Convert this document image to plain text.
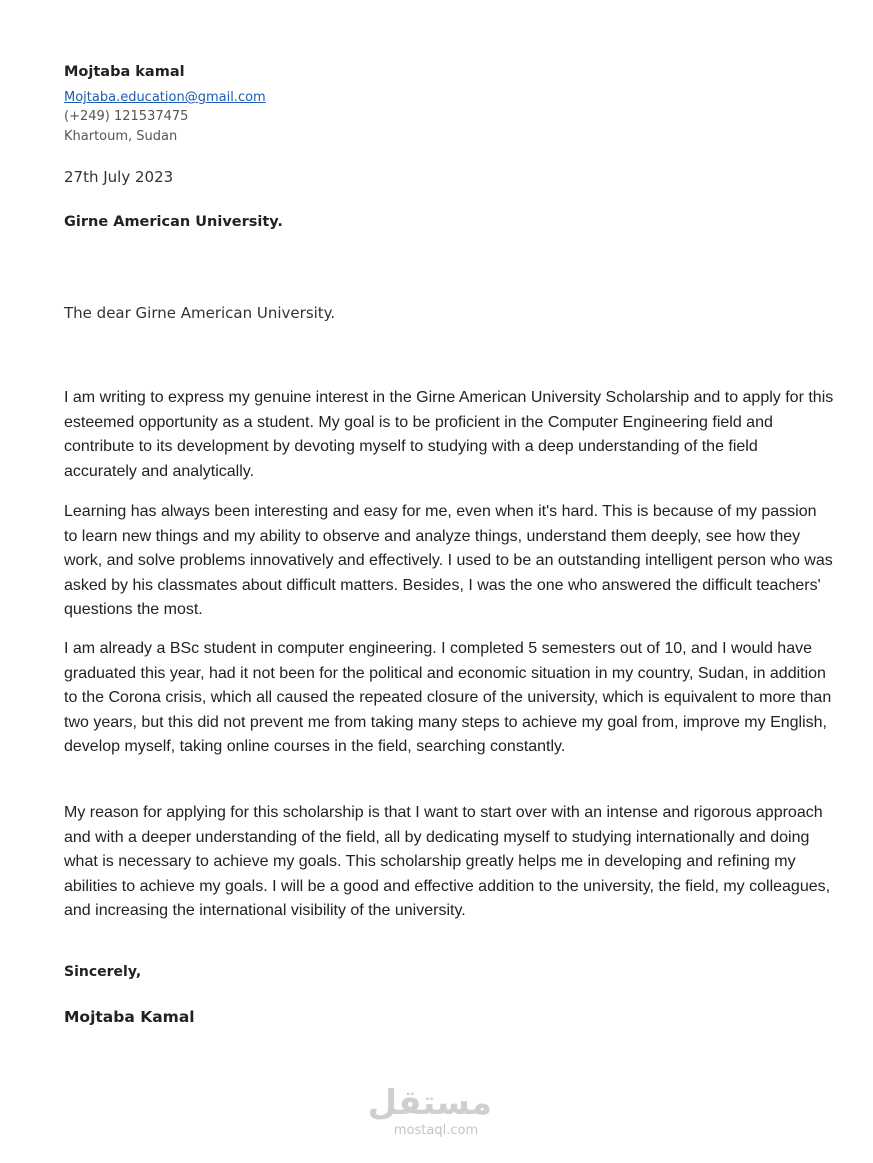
Mojtaba kamal
Mojtaba.education@gmail.com
(+249) 121537475
Khartoum, Sudan
27th July 2023
Girne American University.
The dear Girne American University.

I am writing to express my genuine interest in the Girne American University Scholarship and to apply for this esteemed opportunity as a student. My goal is to be proficient in the Computer Engineering field and contribute to its development by devoting myself to studying with a deep understanding of the field accurately and analytically.

Learning has always been interesting and easy for me, even when it's hard. This is because of my passion to learn new things and my ability to observe and analyze things, understand them deeply, see how they work, and solve problems innovatively and effectively. I used to be an outstanding intelligent person who was asked by his classmates about difficult matters. Besides, I was the one who answered the difficult teachers' questions the most.

I am already a BSc student in computer engineering. I completed 5 semesters out of 10, and I would have graduated this year, had it not been for the political and economic situation in my country, Sudan, in addition to the Corona crisis, which all caused the repeated closure of the university, which is equivalent to more than two years, but this did not prevent me from taking many steps to achieve my goal from, improve my English, develop myself, taking online courses in the field, searching constantly.

My reason for applying for this scholarship is that I want to start over with an intense and rigorous approach and with a deeper understanding of the field, all by dedicating myself to studying internationally and doing what is necessary to achieve my goals. This scholarship greatly helps me in developing and refining my abilities to achieve my goals. I will be a good and effective addition to the university, the field, my colleagues, and increasing the international visibility of the university.

Sincerely,
Mojtaba Kamal
مستقل
mostaql.com
